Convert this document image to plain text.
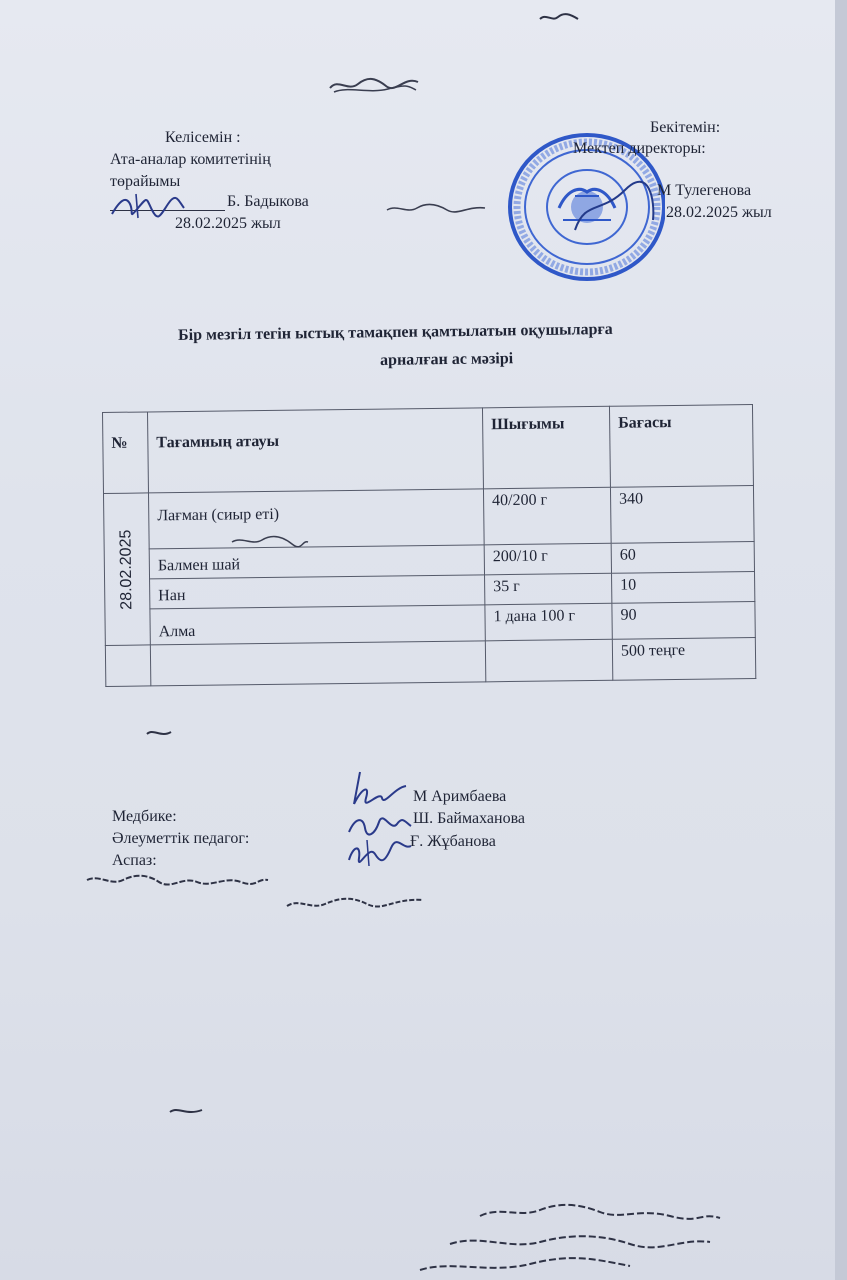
Келісемін :
Ата-аналар комитетінің
төрайымы
Б. Бадыкова
28.02.2025 жыл
Бекітемін:
Мектеп директоры:
М Тулегенова
28.02.2025 жыл
Бір мезгіл тегін ыстық тамақпен қамтылатын оқушыларға
арналған ас мәзірі
№	Тағамның атауы	Шығымы	Бағасы

28.02.2025	Лағман (сиыр еті)	40/200 г	340
	Балмен шай	200/10 г	60
	Нан	35 г	10
	Алма	1 дана 100 г	90
			500 теңге
Медбике:
Әлеуметтік педагог:
Аспаз:
М Аримбаева
Ш. Баймаханова
Ғ. Жұбанова
